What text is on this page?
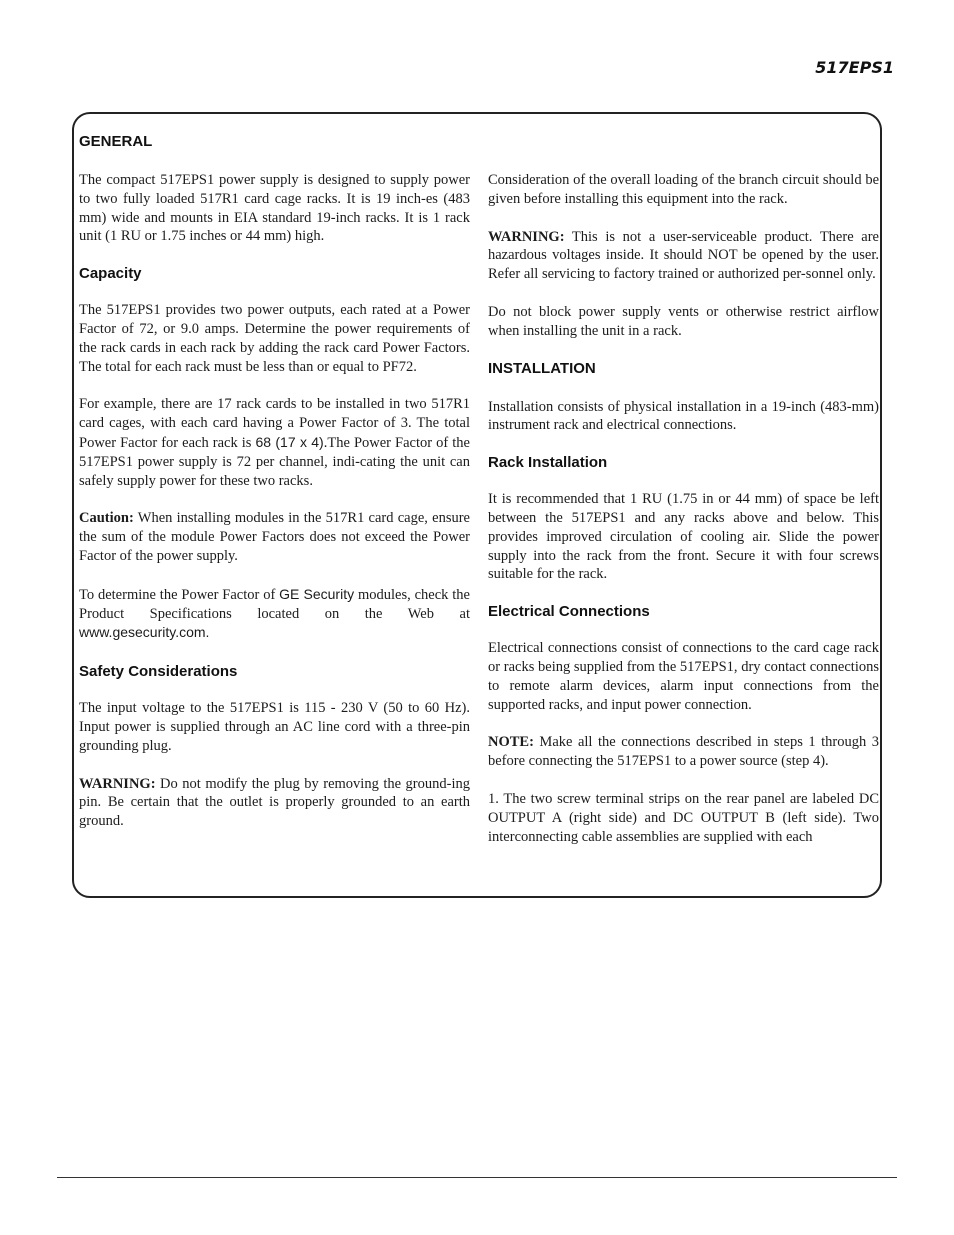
517EPS1
GENERAL

The compact 517EPS1 power supply is designed to supply power to two fully loaded 517R1 card cage racks. It is 19 inch-es (483 mm) wide and mounts in EIA standard 19-inch racks. It is 1 rack unit (1 RU or 1.75 inches or 44 mm) high.

Capacity

The 517EPS1 provides two power outputs, each rated at a Power Factor of 72, or 9.0 amps. Determine the power requirements of the rack cards in each rack by adding the rack card Power Factors. The total for each rack must be less than or equal to PF72.

For example, there are 17 rack cards to be installed in two 517R1 card cages, with each card having a Power Factor of 3. The total Power Factor for each rack is 68 (17 x 4).The Power Factor of the 517EPS1 power supply is 72 per channel, indi-cating the unit can safely supply power for these two racks.

Caution: When installing modules in the 517R1 card cage, ensure the sum of the module Power Factors does not exceed the Power Factor of the power supply.

To determine the Power Factor of GE Security modules, check the Product Specifications located on the Web at www.gesecurity.com.

Safety Considerations

The input voltage to the 517EPS1 is 115 - 230 V (50 to 60 Hz). Input power is supplied through an AC line cord with a three-pin grounding plug.

WARNING: Do not modify the plug by removing the ground-ing pin. Be certain that the outlet is properly grounded to an earth ground.

Consideration of the overall loading of the branch circuit should be given before installing this equipment into the rack.

WARNING: This is not a user-serviceable product. There are hazardous voltages inside. It should NOT be opened by the user. Refer all servicing to factory trained or authorized per-sonnel only.

Do not block power supply vents or otherwise restrict airflow when installing the unit in a rack.

INSTALLATION

Installation consists of physical installation in a 19-inch (483-mm) instrument rack and electrical connections.

Rack Installation

It is recommended that 1 RU (1.75 in or 44 mm) of space be left between the 517EPS1 and any racks above and below. This provides improved circulation of cooling air. Slide the power supply into the rack from the front. Secure it with four screws suitable for the rack.

Electrical Connections

Electrical connections consist of connections to the card cage rack or racks being supplied from the 517EPS1, dry contact connections to remote alarm devices, alarm input connections from the supported racks, and input power connection.

NOTE: Make all the connections described in steps 1 through 3 before connecting the 517EPS1 to a power source (step 4).

1. The two screw terminal strips on the rear panel are labeled DC OUTPUT A (right side) and DC OUTPUT B (left side). Two interconnecting cable assemblies are supplied with each
